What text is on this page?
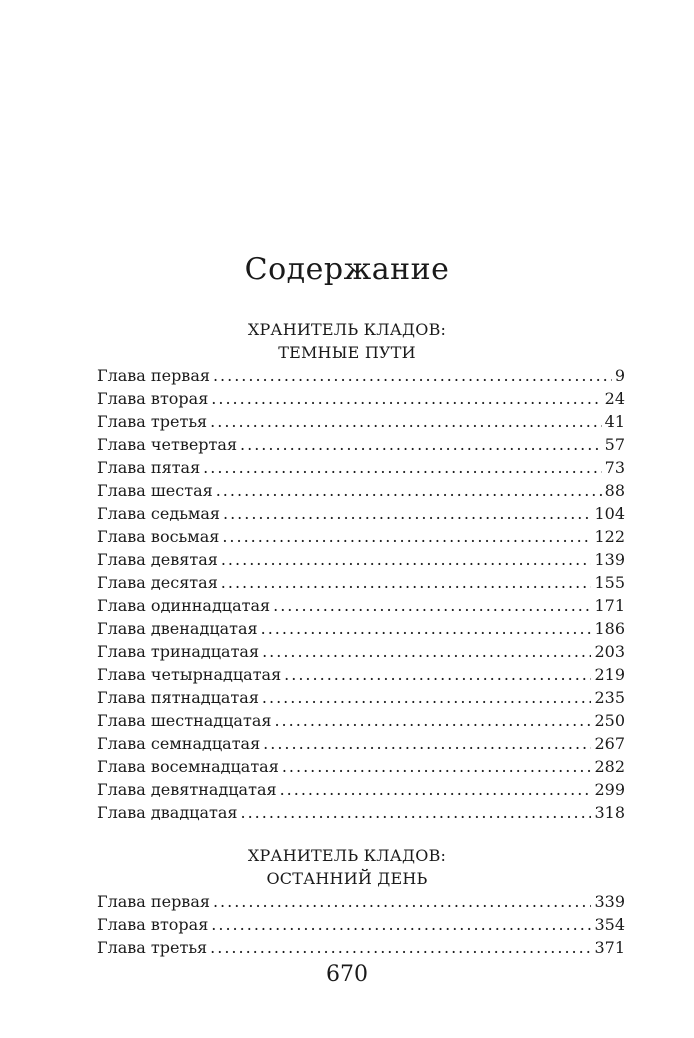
Содержание
ХРАНИТЕЛЬ КЛАДОВ:
ТЕМНЫЕ ПУТИ
Глава первая .....	9
Глава вторая .....	24
Глава третья .....	41
Глава четвертая .....	57
Глава пятая .....	73
Глава шестая .....	88
Глава седьмая .....	104
Глава восьмая .....	122
Глава девятая .....	139
Глава десятая .....	155
Глава одиннадцатая .....	171
Глава двенадцатая .....	186
Глава тринадцатая .....	203
Глава четырнадцатая .....	219
Глава пятнадцатая .....	235
Глава шестнадцатая .....	250
Глава семнадцатая .....	267
Глава восемнадцатая .....	282
Глава девятнадцатая .....	299
Глава двадцатая .....	318
ХРАНИТЕЛЬ КЛАДОВ:
ОСТАННИЙ ДЕНЬ
Глава первая .....	339
Глава вторая .....	354
Глава третья .....	371
670
